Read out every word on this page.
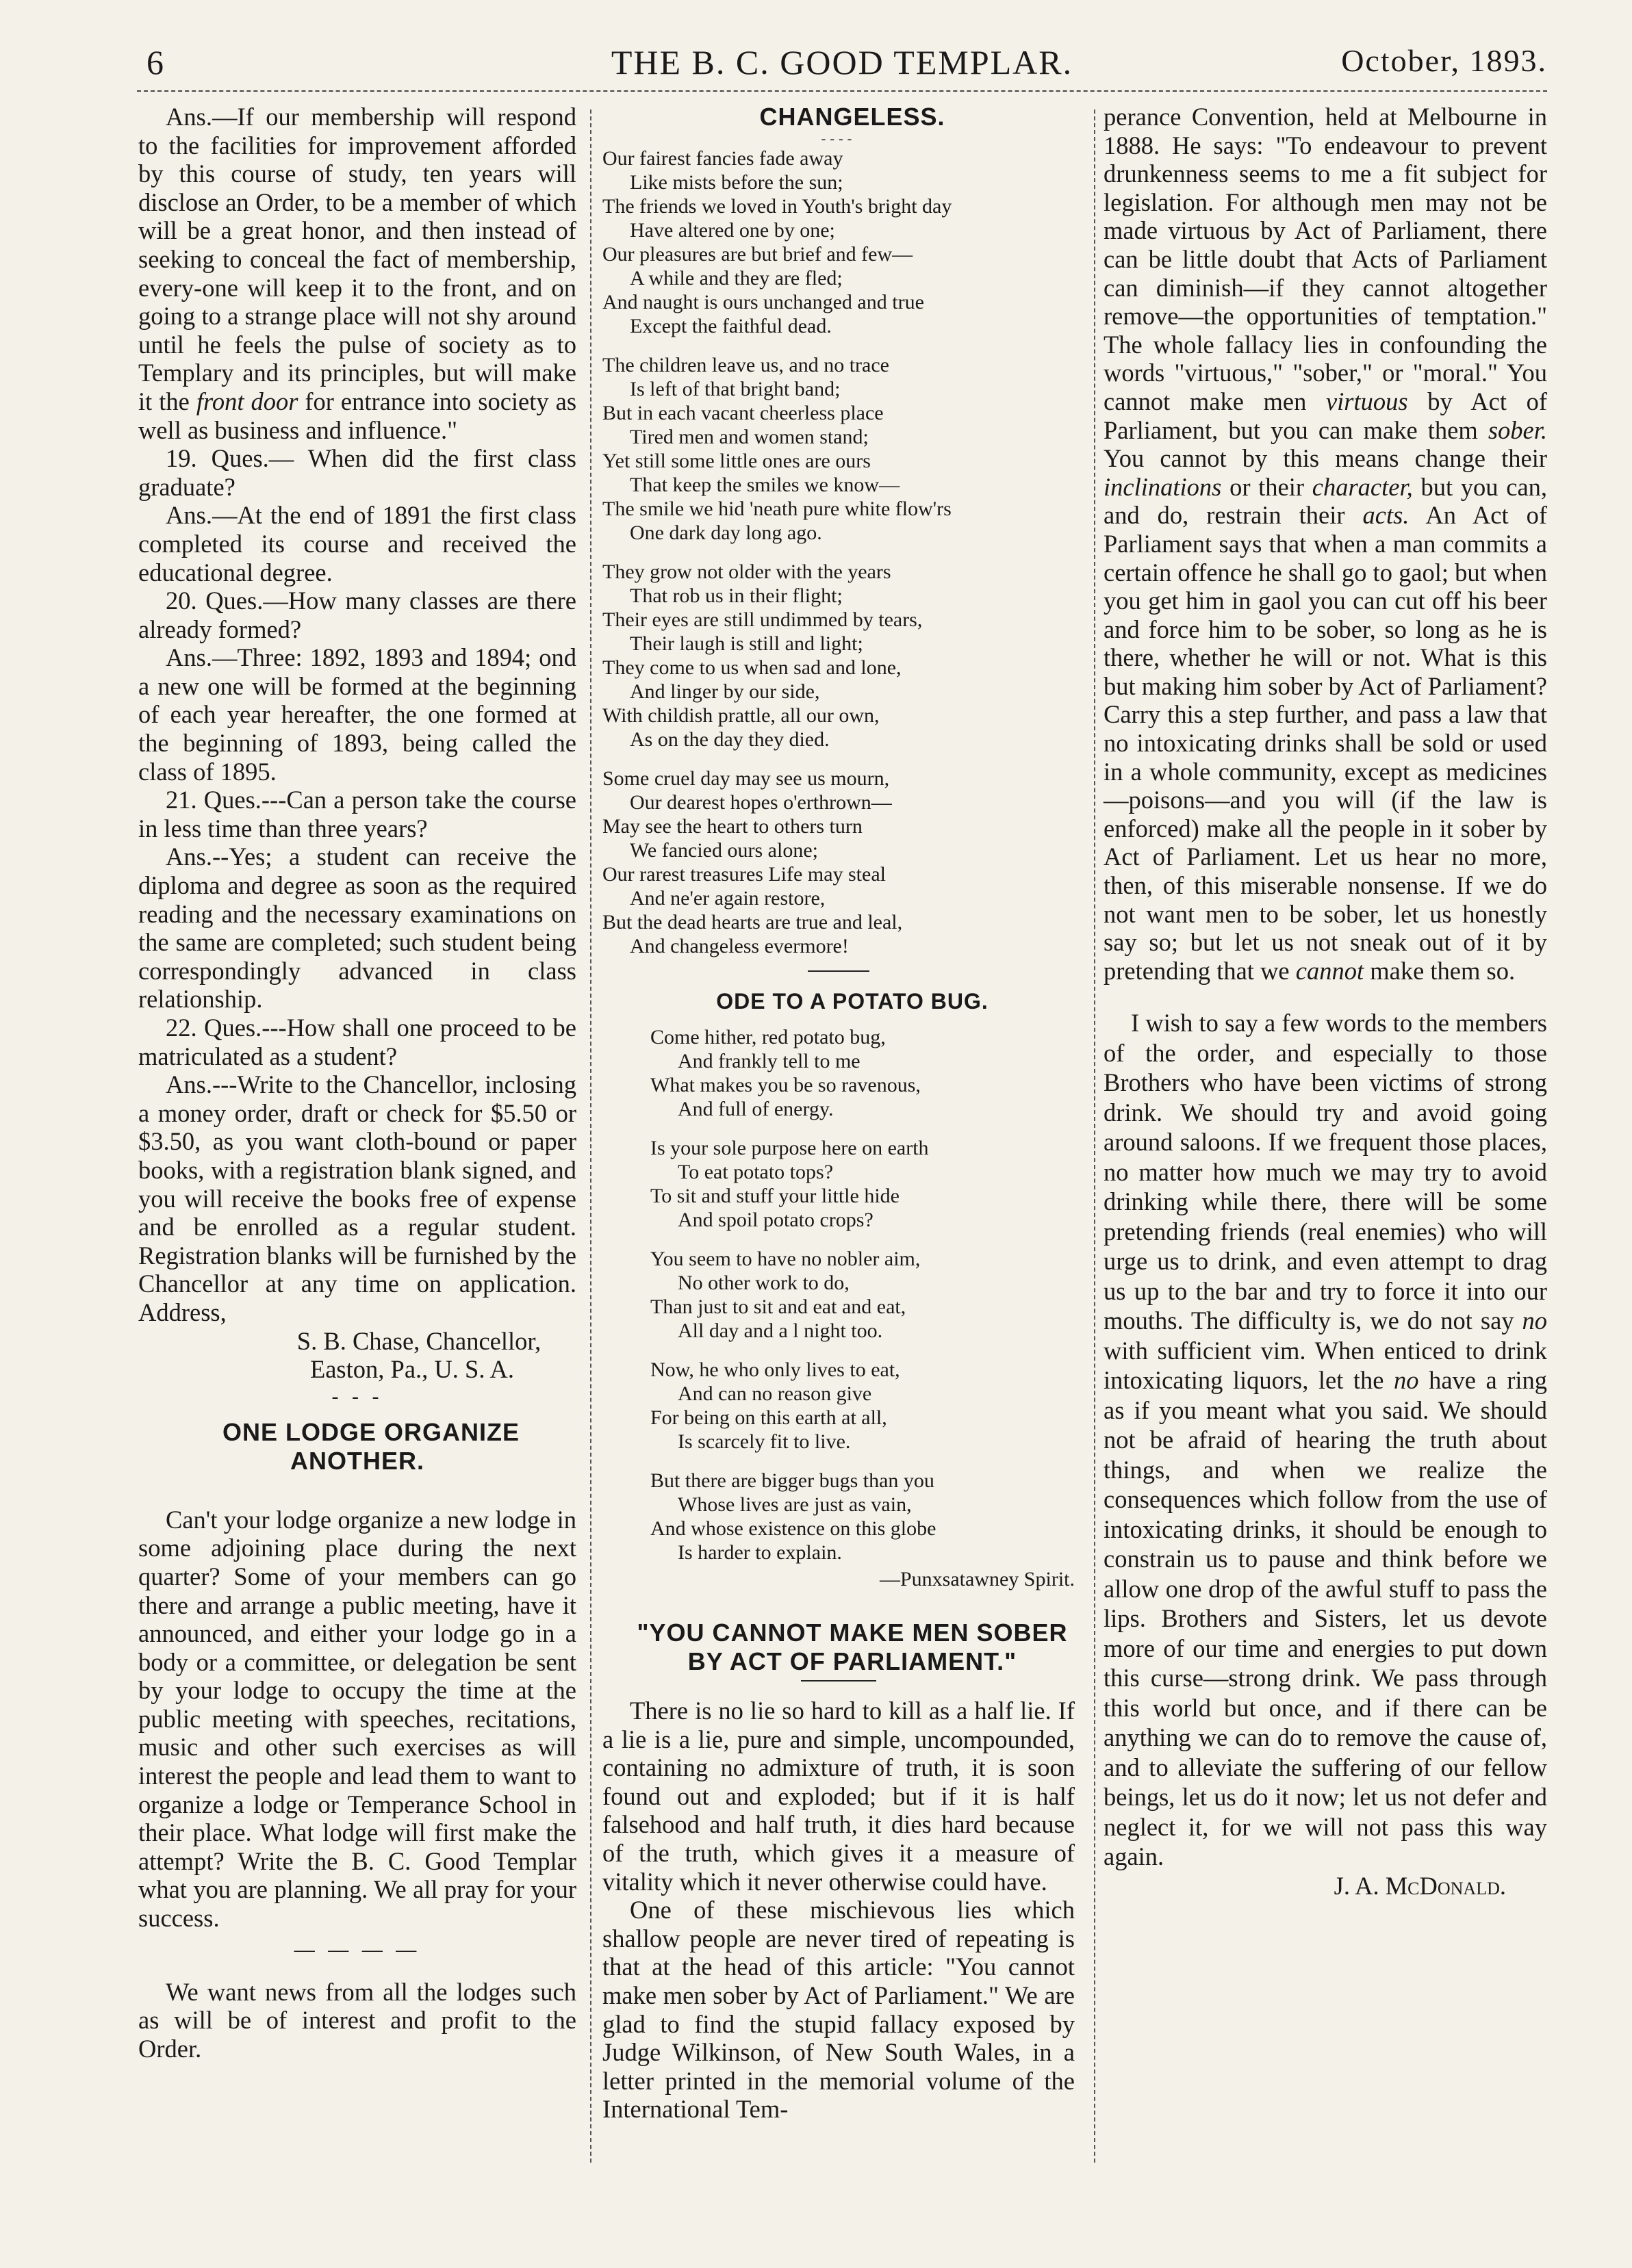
6	THE B. C. GOOD TEMPLAR.	October, 1893.

Ans.—If our membership will respond to the facilities for improvement afforded by this course of study, ten years will disclose an Order, to be a member of which will be a great honor, and then instead of seeking to conceal the fact of membership, every-one will keep it to the front, and on going to a strange place will not shy around until he feels the pulse of society as to Templary and its principles, but will make it the front door for entrance into society as well as business and influence."

19. Ques.— When did the first class graduate?

Ans.—At the end of 1891 the first class completed its course and received the educational degree.

20. Ques.—How many classes are there already formed?

Ans.—Three: 1892, 1893 and 1894; ond a new one will be formed at the beginning of each year hereafter, the one formed at the beginning of 1893, being called the class of 1895.

21. Ques.---Can a person take the course in less time than three years?

Ans.--Yes; a student can receive the diploma and degree as soon as the required reading and the necessary examinations on the same are completed; such student being correspondingly advanced in class relationship.

22. Ques.---How shall one proceed to be matriculated as a student?

Ans.---Write to the Chancellor, inclosing a money order, draft or check for $5.50 or $3.50, as you want cloth-bound or paper books, with a registration blank signed, and you will receive the books free of expense and be enrolled as a regular student. Registration blanks will be furnished by the Chancellor at any time on application. Address,

S. B. Chase, Chancellor,

Easton, Pa., U. S. A.

- - -

ONE LODGE ORGANIZE ANOTHER.

Can't your lodge organize a new lodge in some adjoining place during the next quarter? Some of your members can go there and arrange a public meeting, have it announced, and either your lodge go in a body or a committee, or delegation be sent by your lodge to occupy the time at the public meeting with speeches, recitations, music and other such exercises as will interest the people and lead them to want to organize a lodge or Temperance School in their place. What lodge will first make the attempt? Write the B. C. Good Templar what you are planning. We all pray for your success.

— — — —

We want news from all the lodges such as will be of interest and profit to the Order.

CHANGELESS.

----
Our fairest fancies fade away
Like mists before the sun;
The friends we loved in Youth's bright day
Have altered one by one;
Our pleasures are but brief and few—
A while and they are fled;
And naught is ours unchanged and true
Except the faithful dead.
The children leave us, and no trace
Is left of that bright band;
But in each vacant cheerless place
Tired men and women stand;
Yet still some little ones are ours
That keep the smiles we know—
The smile we hid 'neath pure white flow'rs
One dark day long ago.
They grow not older with the years
That rob us in their flight;
Their eyes are still undimmed by tears,
Their laugh is still and light;
They come to us when sad and lone,
And linger by our side,
With childish prattle, all our own,
As on the day they died.
Some cruel day may see us mourn,
Our dearest hopes o'erthrown—
May see the heart to others turn
We fancied ours alone;
Our rarest treasures Life may steal
And ne'er again restore,
But the dead hearts are true and leal,
And changeless evermore!

ODE TO A POTATO BUG.

Come hither, red potato bug,
And frankly tell to me
What makes you be so ravenous,
And full of energy.
Is your sole purpose here on earth
To eat potato tops?
To sit and stuff your little hide
And spoil potato crops?
You seem to have no nobler aim,
No other work to do,
Than just to sit and eat and eat,
All day and a l night too.
Now, he who only lives to eat,
And can no reason give
For being on this earth at all,
Is scarcely fit to live.
But there are bigger bugs than you
Whose lives are just as vain,
And whose existence on this globe
Is harder to explain.

—Punxsatawney Spirit.

"YOU CANNOT MAKE MEN SOBER

BY ACT OF PARLIAMENT."

There is no lie so hard to kill as a half lie. If a lie is a lie, pure and simple, uncompounded, containing no admixture of truth, it is soon found out and exploded; but if it is half falsehood and half truth, it dies hard because of the truth, which gives it a measure of vitality which it never otherwise could have.

One of these mischievous lies which shallow people are never tired of repeating is that at the head of this article: "You cannot make men sober by Act of Parliament." We are glad to find the stupid fallacy exposed by Judge Wilkinson, of New South Wales, in a letter printed in the memorial volume of the International Tem-

perance Convention, held at Melbourne in 1888. He says: "To endeavour to prevent drunkenness seems to me a fit subject for legislation. For although men may not be made virtuous by Act of Parliament, there can be little doubt that Acts of Parliament can diminish—if they cannot altogether remove—the opportunities of temptation." The whole fallacy lies in confounding the words "virtuous," "sober," or "moral." You cannot make men virtuous by Act of Parliament, but you can make them sober. You cannot by this means change their inclinations or their character, but you can, and do, restrain their acts. An Act of Parliament says that when a man commits a certain offence he shall go to gaol; but when you get him in gaol you can cut off his beer and force him to be sober, so long as he is there, whether he will or not. What is this but making him sober by Act of Parliament? Carry this a step further, and pass a law that no intoxicating drinks shall be sold or used in a whole community, except as medicines—poisons—and you will (if the law is enforced) make all the people in it sober by Act of Parliament. Let us hear no more, then, of this miserable nonsense. If we do not want men to be sober, let us honestly say so; but let us not sneak out of it by pretending that we cannot make them so.

I wish to say a few words to the members of the order, and especially to those Brothers who have been victims of strong drink. We should try and avoid going around saloons. If we frequent those places, no matter how much we may try to avoid drinking while there, there will be some pretending friends (real enemies) who will urge us to drink, and even attempt to drag us up to the bar and try to force it into our mouths. The difficulty is, we do not say no with sufficient vim. When enticed to drink intoxicating liquors, let the no have a ring as if you meant what you said. We should not be afraid of hearing the truth about things, and when we realize the consequences which follow from the use of intoxicating drinks, it should be enough to constrain us to pause and think before we allow one drop of the awful stuff to pass the lips. Brothers and Sisters, let us devote more of our time and energies to put down this curse—strong drink. We pass through this world but once, and if there can be anything we can do to remove the cause of, and to alleviate the suffering of our fellow beings, let us do it now; let us not defer and neglect it, for we will not pass this way again.

J. A. McDonald.
